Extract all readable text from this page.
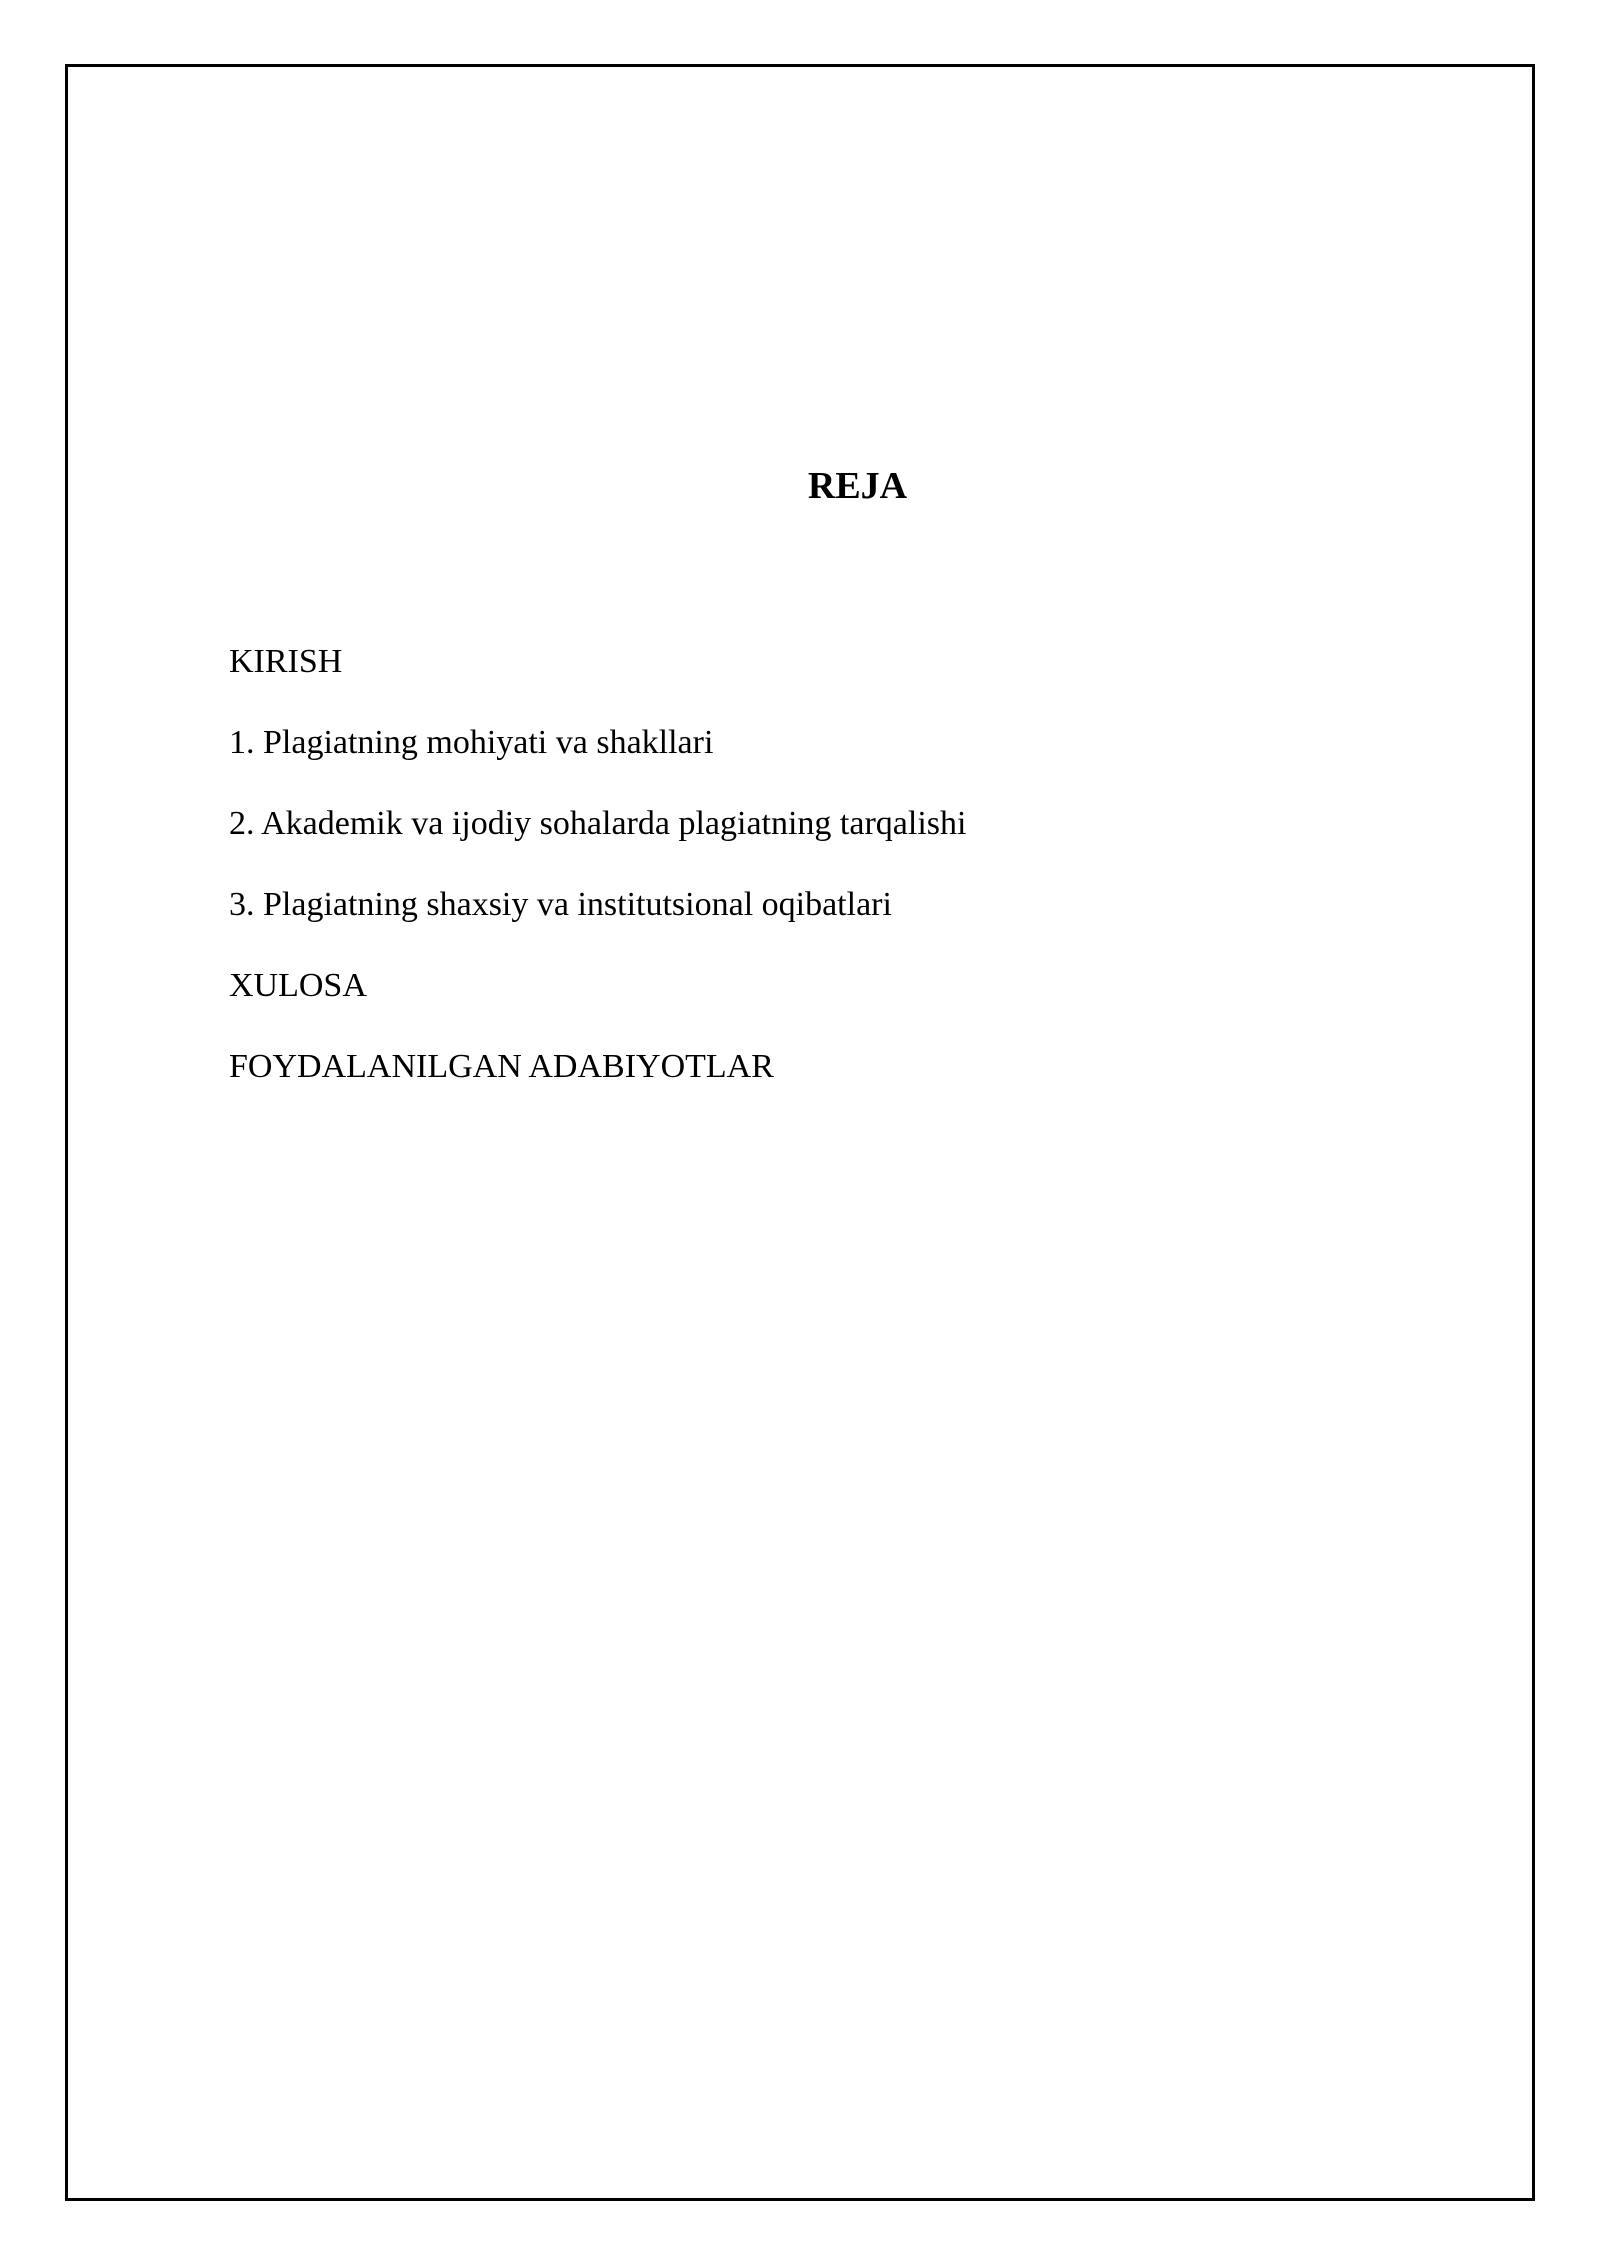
REJA
KIRISH
1. Plagiatning mohiyati va shakllari
2. Akademik va ijodiy sohalarda plagiatning tarqalishi
3. Plagiatning shaxsiy va institutsional oqibatlari
XULOSA
FOYDALANILGAN ADABIYOTLAR
